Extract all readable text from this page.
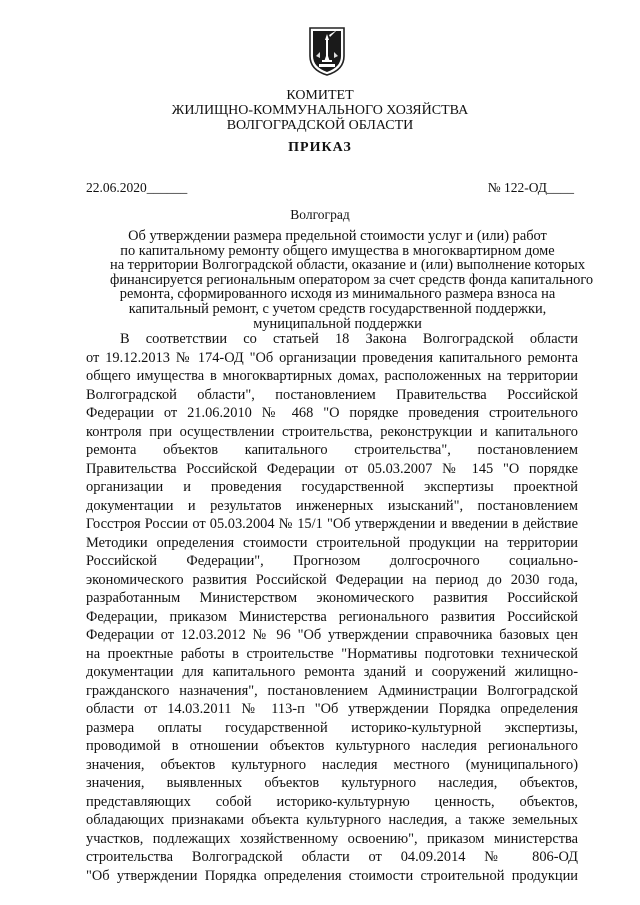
КОМИТЕТ
ЖИЛИЩНО-КОММУНАЛЬНОГО ХОЗЯЙСТВА
ВОЛГОГРАДСКОЙ ОБЛАСТИ
ПРИКАЗ
22.06.2020______	№ 122-ОД____
Волгоград

Об утверждении размера предельной стоимости услуг и (или) работ
по капитальному ремонту общего имущества в многоквартирном доме
на территории Волгоградской области, оказание и (или) выполнение которых
финансируется региональным оператором за счет средств фонда капитального
ремонта, сформированного исходя из минимального размера взноса на
капитальный ремонт, с учетом средств государственной поддержки,
муниципальной поддержки

В соответствии со статьей 18 Закона Волгоградской области
от 19.12.2013 № 174-ОД "Об организации проведения капитального ремонта
общего имущества в многоквартирных домах, расположенных на территории
Волгоградской области", постановлением Правительства Российской
Федерации от 21.06.2010 № 468 "О порядке проведения строительного
контроля при осуществлении строительства, реконструкции и капитального
ремонта объектов капитального строительства", постановлением
Правительства Российской Федерации от 05.03.2007 № 145 "О порядке
организации и проведения государственной экспертизы проектной
документации и результатов инженерных изысканий", постановлением
Госстроя России от 05.03.2004 № 15/1 "Об утверждении и введении в действие
Методики определения стоимости строительной продукции на территории
Российской Федерации", Прогнозом долгосрочного социально-
экономического развития Российской Федерации на период до 2030 года,
разработанным Министерством экономического развития Российской
Федерации, приказом Министерства регионального развития Российской
Федерации от 12.03.2012 № 96 "Об утверждении справочника базовых цен
на проектные работы в строительстве "Нормативы подготовки технической
документации для капитального ремонта зданий и сооружений жилищно-
гражданского назначения", постановлением Администрации Волгоградской
области от 14.03.2011 № 113-п "Об утверждении Порядка определения
размера оплаты государственной историко-культурной экспертизы,
проводимой в отношении объектов культурного наследия регионального
значения, объектов культурного наследия местного (муниципального)
значения, выявленных объектов культурного наследия, объектов,
представляющих собой историко-культурную ценность, объектов,
обладающих признаками объекта культурного наследия, а также земельных
участков, подлежащих хозяйственному освоению", приказом министерства
строительства Волгоградской области от 04.09.2014 № 806-ОД
"Об утверждении Порядка определения стоимости строительной продукции
